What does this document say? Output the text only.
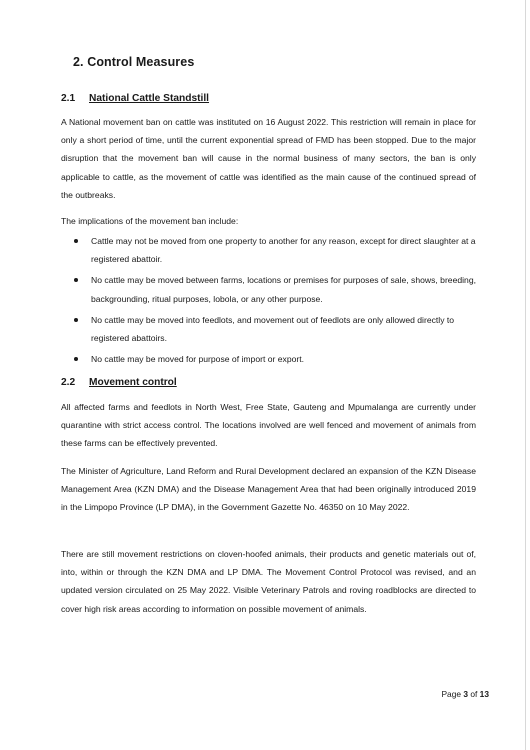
2. Control Measures
2.1 National Cattle Standstill

A National movement ban on cattle was instituted on 16 August 2022. This restriction will remain in place for only a short period of time, until the current exponential spread of FMD has been stopped. Due to the major disruption that the movement ban will cause in the normal business of many sectors, the ban is only applicable to cattle, as the movement of cattle was identified as the main cause of the continued spread of the outbreaks.

The implications of the movement ban include:

Cattle may not be moved from one property to another for any reason, except for direct slaughter at a registered abattoir.
No cattle may be moved between farms, locations or premises for purposes of sale, shows, breeding, backgrounding, ritual purposes, lobola, or any other purpose.
No cattle may be moved into feedlots, and movement out of feedlots are only allowed directly to registered abattoirs.
No cattle may be moved for purpose of import or export.
2.2 Movement control

All affected farms and feedlots in North West, Free State, Gauteng and Mpumalanga are currently under quarantine with strict access control. The locations involved are well fenced and movement of animals from these farms can be effectively prevented.

The Minister of Agriculture, Land Reform and Rural Development declared an expansion of the KZN Disease Management Area (KZN DMA) and the Disease Management Area that had been originally introduced 2019 in the Limpopo Province (LP DMA), in the Government Gazette No. 46350 on 10 May 2022.

There are still movement restrictions on cloven-hoofed animals, their products and genetic materials out of, into, within or through the KZN DMA and LP DMA. The Movement Control Protocol was revised, and an updated version circulated on 25 May 2022. Visible Veterinary Patrols and roving roadblocks are directed to cover high risk areas according to information on possible movement of animals.

Page 3 of 13
